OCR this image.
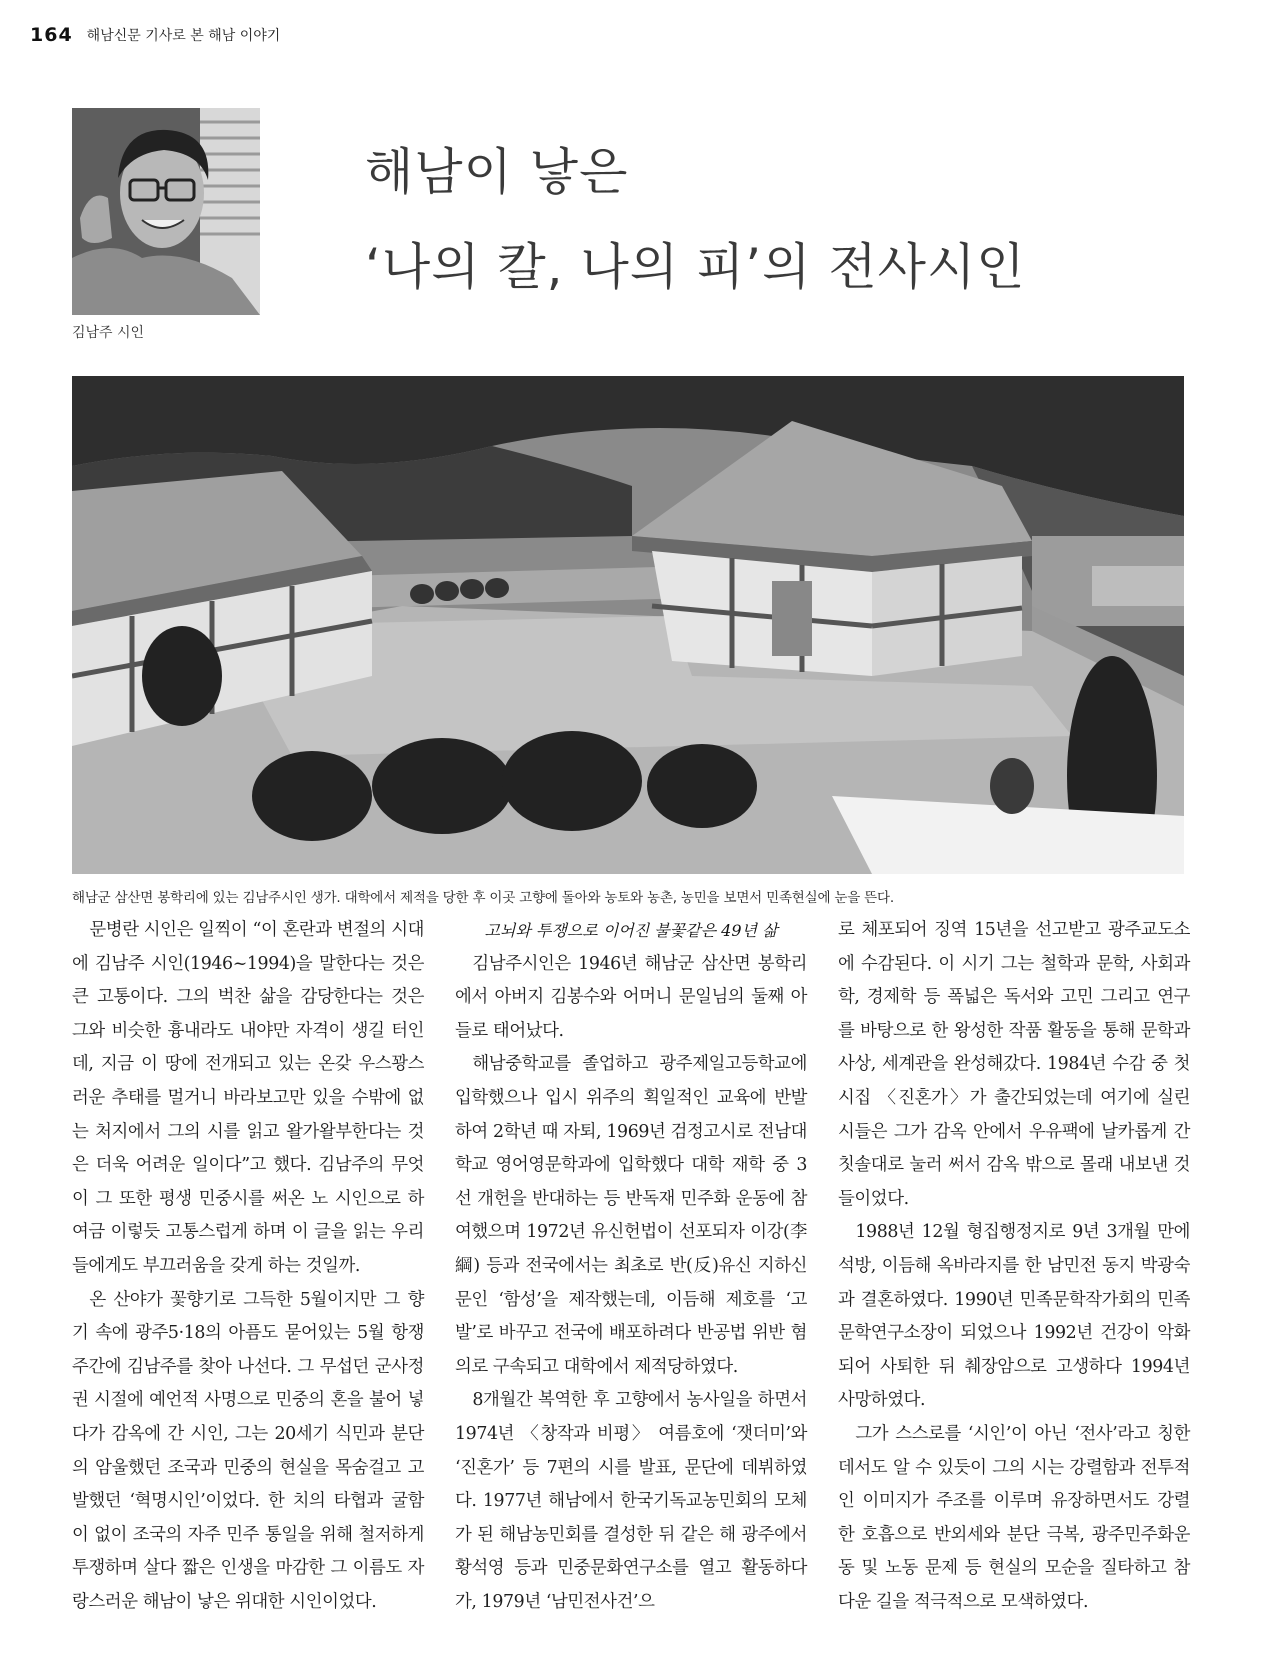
164 해남신문 기사로 본 해남 이야기
김남주 시인
해남이 낳은
‘나의 칼, 나의 피’의 전사시인
해남군 삼산면 봉학리에 있는 김남주시인 생가. 대학에서 제적을 당한 후 이곳 고향에 돌아와 농토와 농촌, 농민을 보면서 민족현실에 눈을 뜬다.

문병란 시인은 일찍이 “이 혼란과 변절의 시대에 김남주 시인(1946~1994)을 말한다는 것은 큰 고통이다. 그의 벅찬 삶을 감당한다는 것은 그와 비슷한 흉내라도 내야만 자격이 생길 터인데, 지금 이 땅에 전개되고 있는 온갖 우스꽝스러운 추태를 멀거니 바라보고만 있을 수밖에 없는 처지에서 그의 시를 읽고 왈가왈부한다는 것은 더욱 어려운 일이다”고 했다. 김남주의 무엇이 그 또한 평생 민중시를 써온 노 시인으로 하여금 이렇듯 고통스럽게 하며 이 글을 읽는 우리들에게도 부끄러움을 갖게 하는 것일까.

온 산야가 꽃향기로 그득한 5월이지만 그 향기 속에 광주5·18의 아픔도 묻어있는 5월 항쟁 주간에 김남주를 찾아 나선다. 그 무섭던 군사정권 시절에 예언적 사명으로 민중의 혼을 불어 넣다가 감옥에 간 시인, 그는 20세기 식민과 분단의 암울했던 조국과 민중의 현실을 목숨걸고 고발했던 ‘혁명시인’이었다. 한 치의 타협과 굴함이 없이 조국의 자주 민주 통일을 위해 철저하게 투쟁하며 살다 짧은 인생을 마감한 그 이름도 자랑스러운 해남이 낳은 위대한 시인이었다.

고뇌와 투쟁으로 이어진 불꽃같은 49년 삶

김남주시인은 1946년 해남군 삼산면 봉학리에서 아버지 김봉수와 어머니 문일님의 둘째 아들로 태어났다.

해남중학교를 졸업하고 광주제일고등학교에 입학했으나 입시 위주의 획일적인 교육에 반발하여 2학년 때 자퇴, 1969년 검정고시로 전남대학교 영어영문학과에 입학했다 대학 재학 중 3선 개헌을 반대하는 등 반독재 민주화 운동에 참여했으며 1972년 유신헌법이 선포되자 이강(李綱) 등과 전국에서는 최초로 반(反)유신 지하신문인 ‘함성’을 제작했는데, 이듬해 제호를 ‘고발’로 바꾸고 전국에 배포하려다 반공법 위반 혐의로 구속되고 대학에서 제적당하였다.

8개월간 복역한 후 고향에서 농사일을 하면서 1974년 〈창작과 비평〉 여름호에 ‘잿더미’와 ‘진혼가’ 등 7편의 시를 발표, 문단에 데뷔하였다. 1977년 해남에서 한국기독교농민회의 모체가 된 해남농민회를 결성한 뒤 같은 해 광주에서 황석영 등과 민중문화연구소를 열고 활동하다가, 1979년 ‘남민전사건’으

로 체포되어 징역 15년을 선고받고 광주교도소에 수감된다. 이 시기 그는 철학과 문학, 사회과학, 경제학 등 폭넓은 독서와 고민 그리고 연구를 바탕으로 한 왕성한 작품 활동을 통해 문학과 사상, 세계관을 완성해갔다. 1984년 수감 중 첫 시집 〈진혼가〉가 출간되었는데 여기에 실린 시들은 그가 감옥 안에서 우유팩에 날카롭게 간 칫솔대로 눌러 써서 감옥 밖으로 몰래 내보낸 것들이었다.

1988년 12월 형집행정지로 9년 3개월 만에 석방, 이듬해 옥바라지를 한 남민전 동지 박광숙과 결혼하였다. 1990년 민족문학작가회의 민족문학연구소장이 되었으나 1992년 건강이 악화되어 사퇴한 뒤 췌장암으로 고생하다 1994년 사망하였다.

그가 스스로를 ‘시인’이 아닌 ‘전사’라고 칭한 데서도 알 수 있듯이 그의 시는 강렬함과 전투적인 이미지가 주조를 이루며 유장하면서도 강렬한 호흡으로 반외세와 분단 극복, 광주민주화운동 및 노동 문제 등 현실의 모순을 질타하고 참다운 길을 적극적으로 모색하였다.
